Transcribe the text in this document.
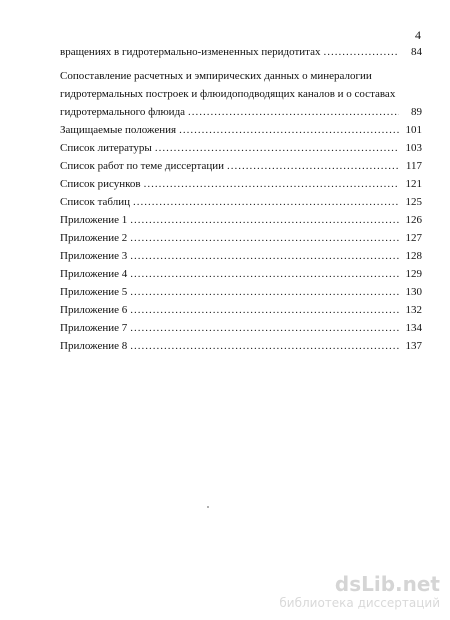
4
вращениях в гидротермально-измененных перидотитах .....	84
Сопоставление расчетных и эмпирических данных о минералогии
гидротермальных построек и флюидоподводящих каналов и о составах
гидротермального флюида .....	89
Защищаемые положения .....	101
Список литературы .....	103
Список работ по теме диссертации .....	117
Список рисунков .....	121
Список таблиц .....	125
Приложение 1 .....	126
Приложение 2 .....	127
Приложение 3 .....	128
Приложение 4 .....	129
Приложение 5 .....	130
Приложение 6 .....	132
Приложение 7 .....	134
Приложение 8 .....	137
dsLib.net
библиотека диссертаций
